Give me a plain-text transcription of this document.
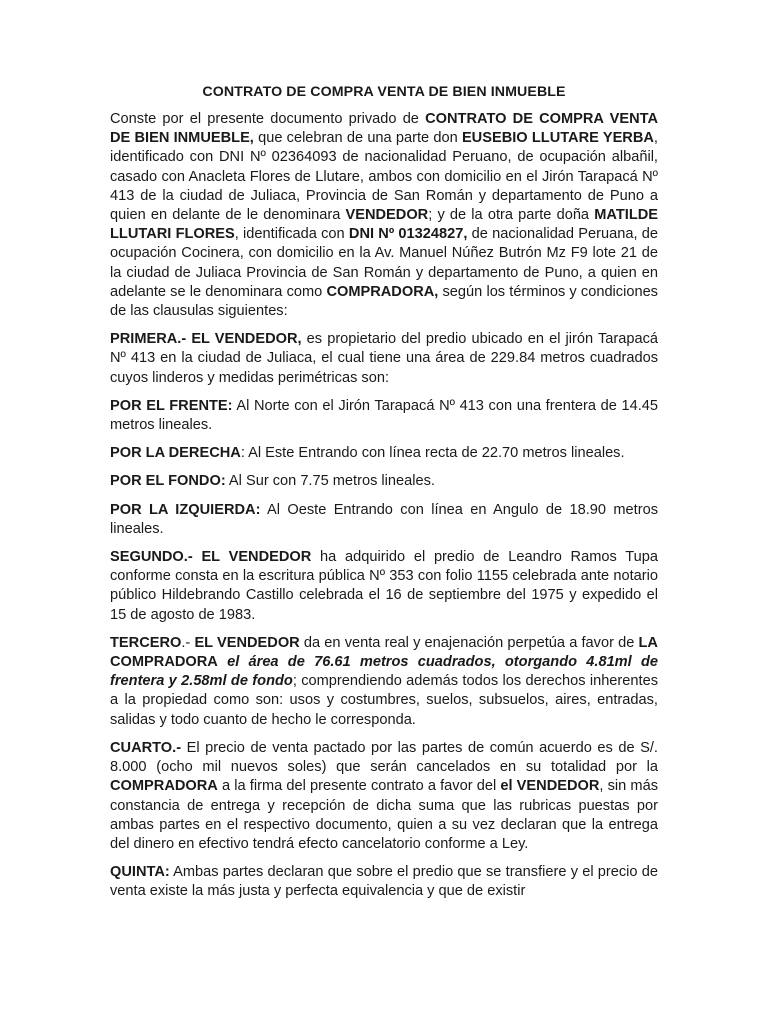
CONTRATO DE COMPRA VENTA DE BIEN INMUEBLE

Conste por el presente documento privado de CONTRATO DE COMPRA VENTA DE BIEN INMUEBLE, que celebran de una parte don EUSEBIO LLUTARE YERBA, identificado con DNI Nº 02364093 de nacionalidad Peruano, de ocupación albañil, casado con Anacleta Flores de Llutare, ambos con domicilio en el Jirón Tarapacá Nº 413 de la ciudad de Juliaca, Provincia de San Román y departamento de Puno a quien en delante de le denominara VENDEDOR; y de la otra parte doña MATILDE LLUTARI FLORES, identificada con DNI Nº 01324827, de nacionalidad Peruana, de ocupación Cocinera, con domicilio en la Av. Manuel Núñez Butrón Mz F9 lote 21 de la ciudad de Juliaca Provincia de San Román y departamento de Puno, a quien en adelante se le denominara como COMPRADORA, según los términos y condiciones de las clausulas siguientes:

PRIMERA.- EL VENDEDOR, es propietario del predio ubicado en el jirón Tarapacá Nº 413 en la ciudad de Juliaca, el cual tiene una área de 229.84 metros cuadrados cuyos linderos y medidas perimétricas son:

POR EL FRENTE: Al Norte con el Jirón Tarapacá Nº 413 con una frentera de 14.45 metros lineales.

POR LA DERECHA: Al Este Entrando con línea recta de 22.70 metros lineales.

POR EL FONDO: Al Sur con 7.75 metros lineales.

POR LA IZQUIERDA: Al Oeste Entrando con línea en Angulo de 18.90 metros lineales.

SEGUNDO.- EL VENDEDOR ha adquirido el predio de Leandro Ramos Tupa conforme consta en la escritura pública Nº 353 con folio 1155 celebrada ante notario público Hildebrando Castillo celebrada el 16 de septiembre del 1975 y expedido el 15 de agosto de 1983.

TERCERO.- EL VENDEDOR da en venta real y enajenación perpetúa a favor de LA COMPRADORA el área de 76.61 metros cuadrados, otorgando 4.81ml de frentera y 2.58ml de fondo; comprendiendo además todos los derechos inherentes a la propiedad como son: usos y costumbres, suelos, subsuelos, aires, entradas, salidas y todo cuanto de hecho le corresponda.

CUARTO.- El precio de venta pactado por las partes de común acuerdo es de S/. 8.000 (ocho mil nuevos soles) que serán cancelados en su totalidad por la COMPRADORA a la firma del presente contrato a favor del el VENDEDOR, sin más constancia de entrega y recepción de dicha suma que las rubricas puestas por ambas partes en el respectivo documento, quien a su vez declaran que la entrega del dinero en efectivo tendrá efecto cancelatorio conforme a Ley.

QUINTA: Ambas partes declaran que sobre el predio que se transfiere y el precio de venta existe la más justa y perfecta equivalencia y que de existir
